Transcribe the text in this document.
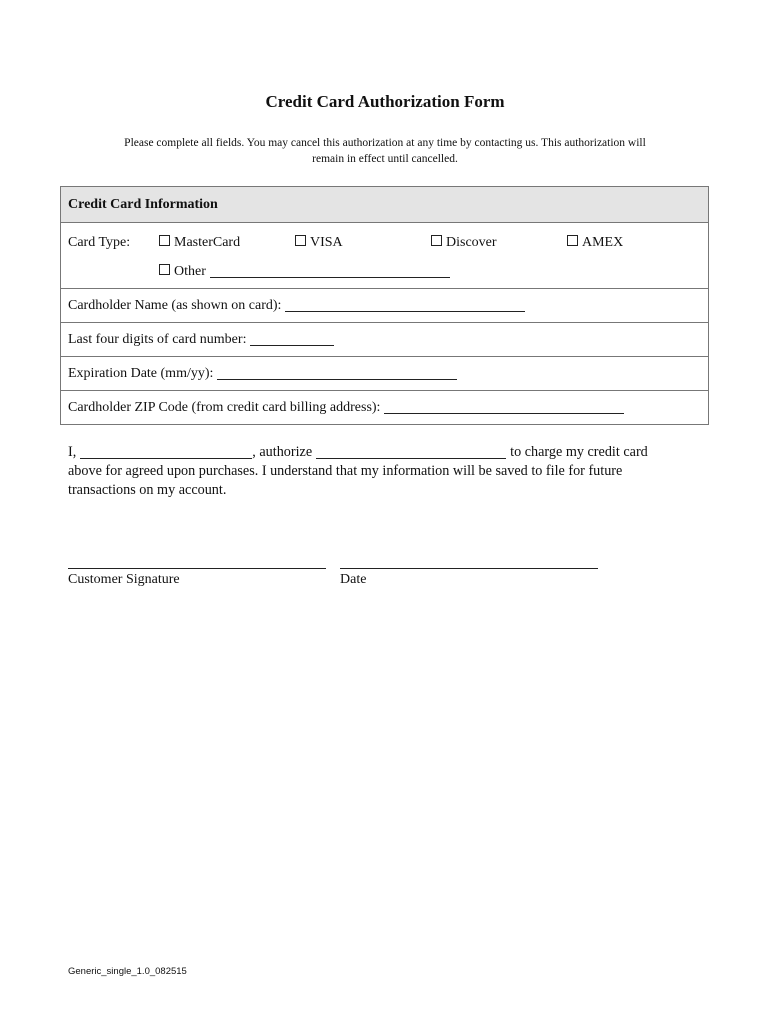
Credit Card Authorization Form
Please complete all fields. You may cancel this authorization at any time by contacting us. This authorization will
remain in effect until cancelled.
Credit Card Information
Card Type:	MasterCard	VISA	Discover	AMEX
Other
Cardholder Name (as shown on card):
Last four digits of card number:
Expiration Date (mm/yy):
Cardholder ZIP Code (from credit card billing address):
I,	, authorize	to charge my credit card
above for agreed upon purchases. I understand that my information will be saved to file for future
transactions on my account.
Customer Signature	Date
Generic_single_1.0_082515
